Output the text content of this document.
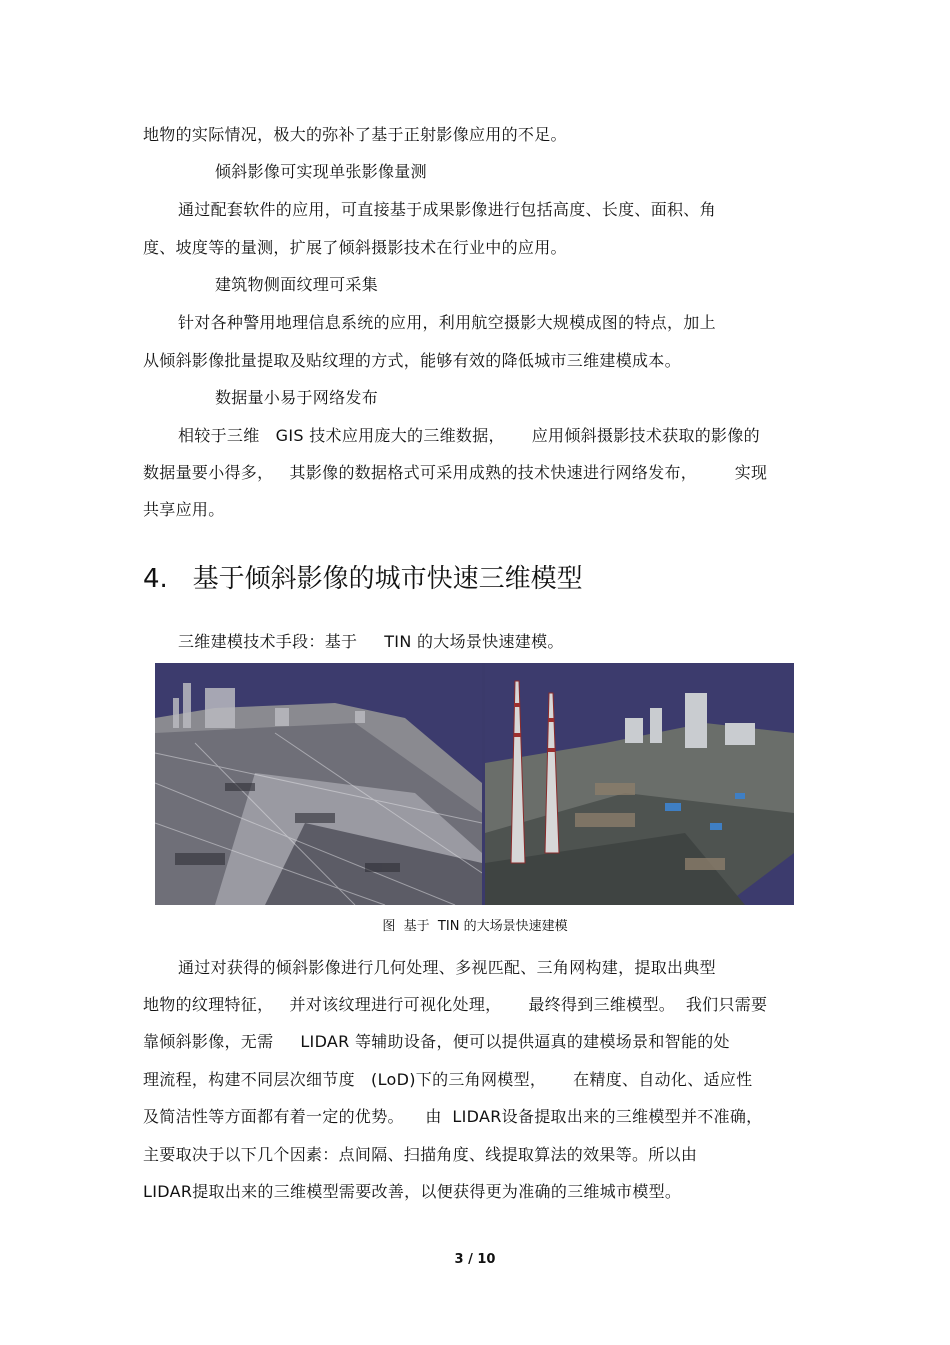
地物的实际情况，极大的弥补了基于正射影像应用的不足。
倾斜影像可实现单张影像量测
通过配套软件的应用，可直接基于成果影像进行包括高度、长度、面积、角
度、坡度等的量测，扩展了倾斜摄影技术在行业中的应用。
建筑物侧面纹理可采集
针对各种警用地理信息系统的应用，利用航空摄影大规模成图的特点，加上
从倾斜影像批量提取及贴纹理的方式，能够有效的降低城市三维建模成本。
数据量小易于网络发布
相较于三维   GIS 技术应用庞大的三维数据，     应用倾斜摄影技术获取的影像的
数据量要小得多，   其影像的数据格式可采用成熟的技术快速进行网络发布，       实现
共享应用。
4.   基于倾斜影像的城市快速三维模型
三维建模技术手段：基于     TIN 的大场景快速建模。
图  基于  TIN 的大场景快速建模
通过对获得的倾斜影像进行几何处理、多视匹配、三角网构建，提取出典型
地物的纹理特征，   并对该纹理进行可视化处理，     最终得到三维模型。  我们只需要
靠倾斜影像，无需     LIDAR 等辅助设备，便可以提供逼真的建模场景和智能的处
理流程，构建不同层次细节度   (LoD)下的三角网模型，     在精度、自动化、适应性
及简洁性等方面都有着一定的优势。    由  LIDAR设备提取出来的三维模型并不准确，
主要取决于以下几个因素：点间隔、扫描角度、线提取算法的效果等。所以由
LIDAR提取出来的三维模型需要改善，以便获得更为准确的三维城市模型。
3 / 10
